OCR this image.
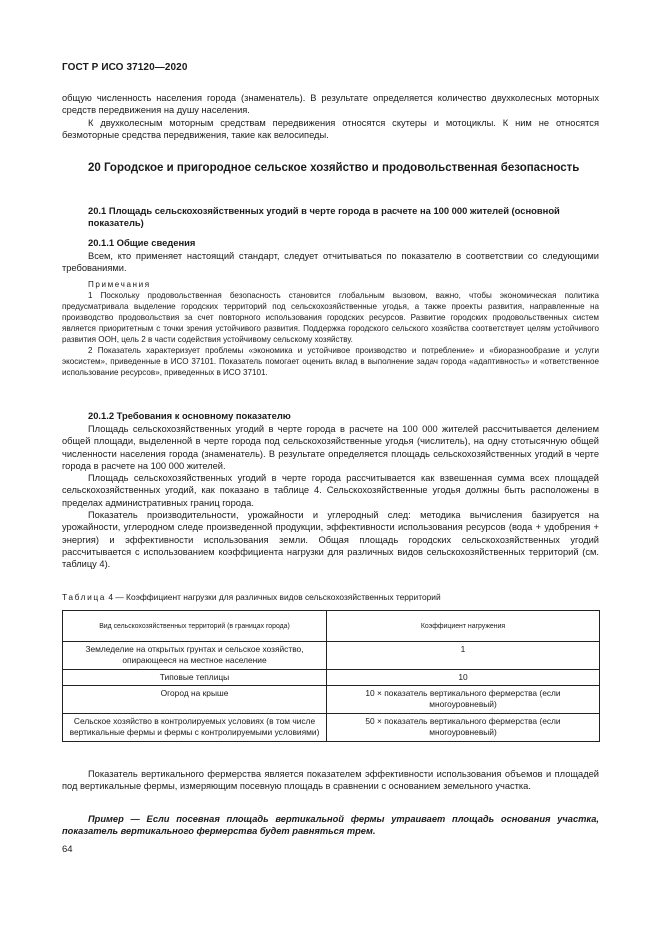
ГОСТ Р ИСО 37120—2020

общую численность населения города (знаменатель). В результате определяется количество двухколесных моторных средств передвижения на душу населения.

К двухколесным моторным средствам передвижения относятся скутеры и мотоциклы. К ним не относятся безмоторные средства передвижения, такие как велосипеды.

20 Городское и пригородное сельское хозяйство и продовольственная безопасность
20.1 Площадь сельскохозяйственных угодий в черте города в расчете на 100 000 жителей (основной показатель)
20.1.1 Общие сведения
Всем, кто применяет настоящий стандарт, следует отчитываться по показателю в соответствии со следующими требованиями.

Примечания

1 Поскольку продовольственная безопасность становится глобальным вызовом, важно, чтобы экономическая политика предусматривала выделение городских территорий под сельскохозяйственные угодья, а также проекты развития, направленные на производство продовольствия за счет повторного использования городских ресурсов. Развитие городских продовольственных систем является приоритетным с точки зрения устойчивого развития. Поддержка городского сельского хозяйства соответствует целям устойчивого развития ООН, цель 2 в части содействия устойчивому сельскому хозяйству.

2 Показатель характеризует проблемы «экономика и устойчивое производство и потребление» и «биоразнообразие и услуги экосистем», приведенные в ИСО 37101. Показатель помогает оценить вклад в выполнение задач города «адаптивность» и «ответственное использование ресурсов», приведенных в ИСО 37101.

20.1.2 Требования к основному показателю

Площадь сельскохозяйственных угодий в черте города в расчете на 100 000 жителей рассчитывается делением общей площади, выделенной в черте города под сельскохозяйственные угодья (числитель), на одну стотысячную общей численности населения города (знаменатель). В результате определяется площадь сельскохозяйственных угодий в черте города в расчете на 100 000 жителей.

Площадь сельскохозяйственных угодий в черте города рассчитывается как взвешенная сумма всех площадей сельскохозяйственных угодий, как показано в таблице 4. Сельскохозяйственные угодья должны быть расположены в пределах административных границ города.

Показатель производительности, урожайности и углеродный след: методика вычисления базируется на урожайности, углеродном следе произведенной продукции, эффективности использования ресурсов (вода + удобрения + энергия) и эффективности использования земли. Общая площадь городских сельскохозяйственных угодий рассчитывается с использованием коэффициента нагрузки для различных видов сельскохозяйственных территорий (см. таблицу 4).

Таблица 4 — Коэффициент нагрузки для различных видов сельскохозяйственных территорий
Вид сельскохозяйственных территорий (в границах города)	Коэффициент нагружения
Земледелие на открытых грунтах и сельское хозяйство, опирающееся на местное население	1
Типовые теплицы	10
Огород на крыше	10 × показатель вертикального фермерства (если многоуровневый)
Сельское хозяйство в контролируемых условиях (в том числе вертикальные фермы и фермы с контролируемыми условиями)	50 × показатель вертикального фермерства (если многоуровневый)
Показатель вертикального фермерства является показателем эффективности использования объемов и площадей под вертикальные фермы, измеряющим посевную площадь в сравнении с основанием земельного участка.
Пример — Если посевная площадь вертикальной фермы утраивает площадь основания участка, показатель вертикального фермерства будет равняться трем.
64
